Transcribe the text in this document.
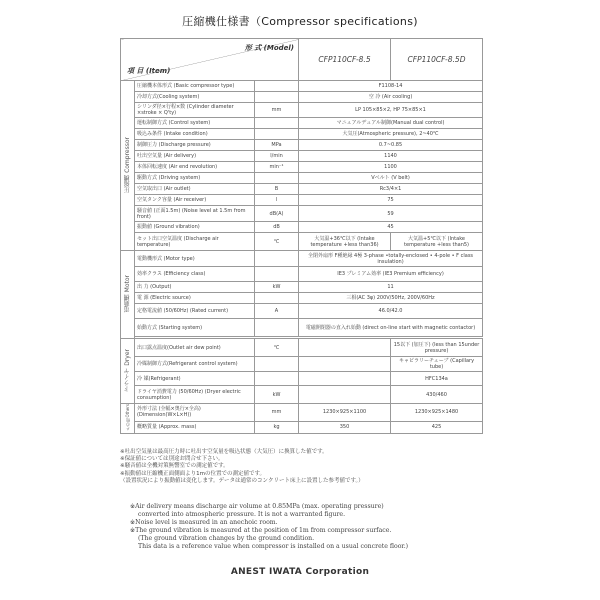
圧縮機仕様書（Compressor specifications)
形 式 (Model)
項 目 (Item)			CFP110CF-8.5	CFP110CF-8.5D
圧縮機 Compressor	圧縮機本体形式 (Basic compressor type)		F1108-14	
	冷却方式(Cooling system)		空 冷 (Air cooling)	
	シリンダ径×行程×数 (Cylinder diameter ×stroke × Q'ty)	mm	LP 105×85×2, HP 75×85×1	
	運転制御方式 (Control system)		マニュアルデュアル制御(Manual dual control)	
	吸込み条件 (Intake condition)		大気圧(Atmospheric pressure), 2~40℃	
	制御圧力 (Discharge pressure)	MPa	0.7~0.85	
	吐出空気量 (Air delivery)	l/min	1140	
	本体回転速度 (Air end revolution)	min⁻¹	1100	
	駆動方式 (Driving system)		Vベルト (V belt)	
	空気取出口 (Air outlet)	B	Rc3/4×1	
	空気タンク容量 (Air receiver)	l	75	
	騒音値 (正面1.5m) (Noise level at 1.5m from front)	dB(A)	59	
	振動値 (Ground vibration)	dB	45	
	セット出口空気温度 (Discharge air temperature)	℃	大気温+36℃以下 (Intake temperature +less than36)	大気温+5℃以下 (Intake temperature +less than5)
電動機 Motor	電動機形式 (Motor type)		全閉外扇形 F種絶縁 4極 3-phase •totally-enclosed • 4-pole • F class insulation)	
	効率クラス (Efficiency class)		IE3 プレミアム効率 (IE3 Premium efficiency)	
	出 力 (Output)	kW	11	
	電 源 (Electric source)		三相(AC 3φ) 200V/50Hz, 200V/60Hz	
	定格電流値 (50/60Hz) (Rated current)	A	46.0/42.0	
	始動方式 (Starting system)		電磁開閉器の直入れ始動 (direct on-line start with magnetic contactor)	

ドライヤ Dryer	出口露点温度(Outlet air dew point)	℃		15以下 (加圧下) (less than 15under pressure)
	冷媒制御方式(Refrigerant control system)			キャピラリーチューブ (Capillary tube)
	冷 媒(Refrigerant)			HFC134a
	ドライヤ消費電力 (50/60Hz) (Dryer electric consumption)	kW		430/460
その他 Others	外形寸法 (全幅×奥行×全高) (Dimension(W×L×H))	mm	1230×925×1100	1230×925×1480
	概略質量 (Approx. mass)	kg	350	425
※吐出空気量は最高圧力時に吐出す空気量を吸込状態（大気圧）に換算した値です。
※保証値については別途お問合せ下さい。
※騒音値は全機対策無響室での測定値です。
※振動値は圧縮機正面側面より1mの位置での測定値です。
（設置状況により振動値は変化します。データは通常のコンクリート床上に設置した参考値です。）
※Air delivery means discharge air volume at 0.85MPa (max. operating pressure)
converted into atmospheric pressure. It is not a warranted figure.
※Noise level is measured in an anechoic room.
※The ground vibration is measured at the position of 1m from compressor surface.
(The ground vibration changes by the ground condition.
This data is a reference value when compressor is installed on a usual concrete floor.)
ANEST IWATA Corporation
